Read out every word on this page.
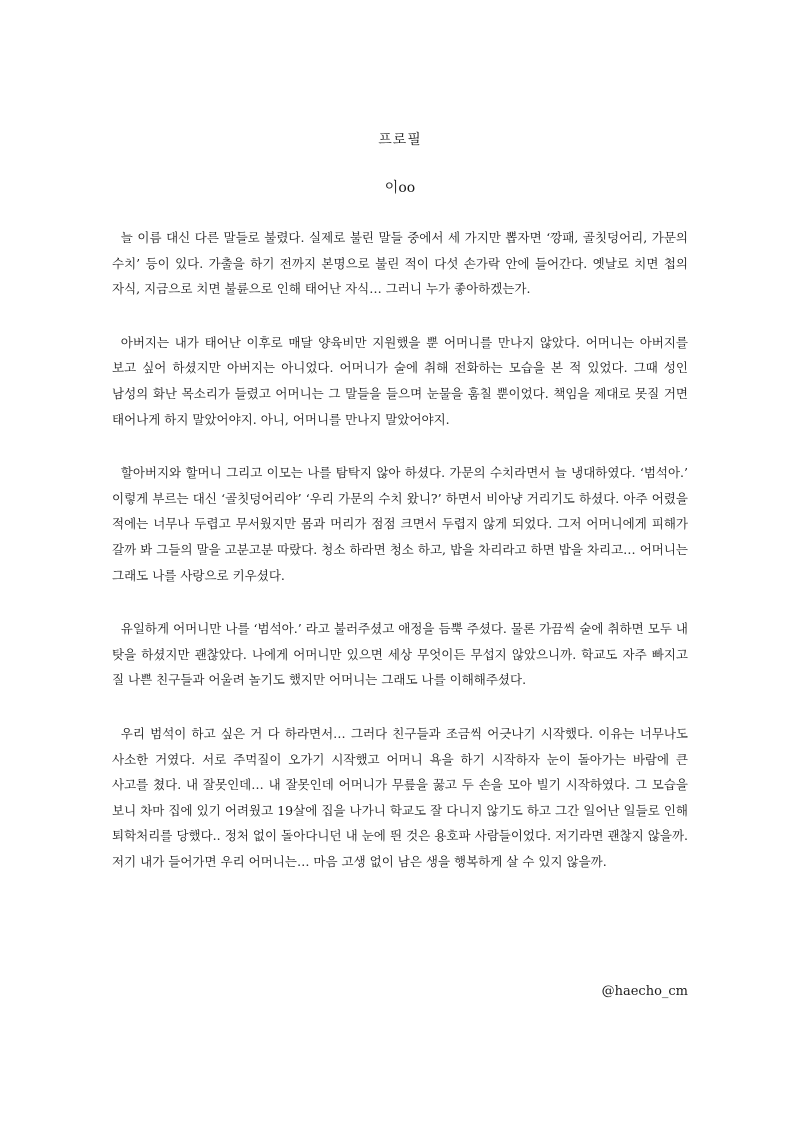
프로필
이oo

늘 이름 대신 다른 말들로 불렸다. 실제로 불린 말들 중에서 세 가지만 뽑자면 ‘깡패, 골칫덩어리, 가문의 수치’ 등이 있다. 가출을 하기 전까지 본명으로 불린 적이 다섯 손가락 안에 들어간다. 옛날로 치면 첩의 자식, 지금으로 치면 불륜으로 인해 태어난 자식… 그러니 누가 좋아하겠는가.

아버지는 내가 태어난 이후로 매달 양육비만 지원했을 뿐 어머니를 만나지 않았다. 어머니는 아버지를 보고 싶어 하셨지만 아버지는 아니었다. 어머니가 술에 취해 전화하는 모습을 본 적 있었다. 그때 성인 남성의 화난 목소리가 들렸고 어머니는 그 말들을 들으며 눈물을 훔칠 뿐이었다. 책임을 제대로 못질 거면 태어나게 하지 말았어야지. 아니, 어머니를 만나지 말았어야지.

할아버지와 할머니 그리고 이모는 나를 탐탁지 않아 하셨다. 가문의 수치라면서 늘 냉대하였다. ‘범석아.’ 이렇게 부르는 대신 ‘골칫덩어리야’ ‘우리 가문의 수치 왔니?’ 하면서 비아냥 거리기도 하셨다. 아주 어렸을 적에는 너무나 두렵고 무서웠지만 몸과 머리가 점점 크면서 두렵지 않게 되었다. 그저 어머니에게 피해가 갈까 봐 그들의 말을 고분고분 따랐다. 청소 하라면 청소 하고, 밥을 차리라고 하면 밥을 차리고… 어머니는 그래도 나를 사랑으로 키우셨다.

유일하게 어머니만 나를 ‘범석아.’ 라고 불러주셨고 애정을 듬뿍 주셨다. 물론 가끔씩 술에 취하면 모두 내 탓을 하셨지만 괜찮았다. 나에게 어머니만 있으면 세상 무엇이든 무섭지 않았으니까. 학교도 자주 빠지고 질 나쁜 친구들과 어울려 놀기도 했지만 어머니는 그래도 나를 이해해주셨다.

우리 범석이 하고 싶은 거 다 하라면서… 그러다 친구들과 조금씩 어긋나기 시작했다. 이유는 너무나도 사소한 거였다. 서로 주먹질이 오가기 시작했고 어머니 욕을 하기 시작하자 눈이 돌아가는 바람에 큰 사고를 쳤다. 내 잘못인데… 내 잘못인데 어머니가 무릎을 꿇고 두 손을 모아 빌기 시작하였다. 그 모습을 보니 차마 집에 있기 어려웠고 19살에 집을 나가니 학교도 잘 다니지 않기도 하고 그간 일어난 일들로 인해 퇴학처리를 당했다.. 정처 없이 돌아다니던 내 눈에 띈 것은 용호파 사람들이었다. 저기라면 괜찮지 않을까. 저기 내가 들어가면 우리 어머니는… 마음 고생 없이 남은 생을 행복하게 살 수 있지 않을까.

@haecho_cm
